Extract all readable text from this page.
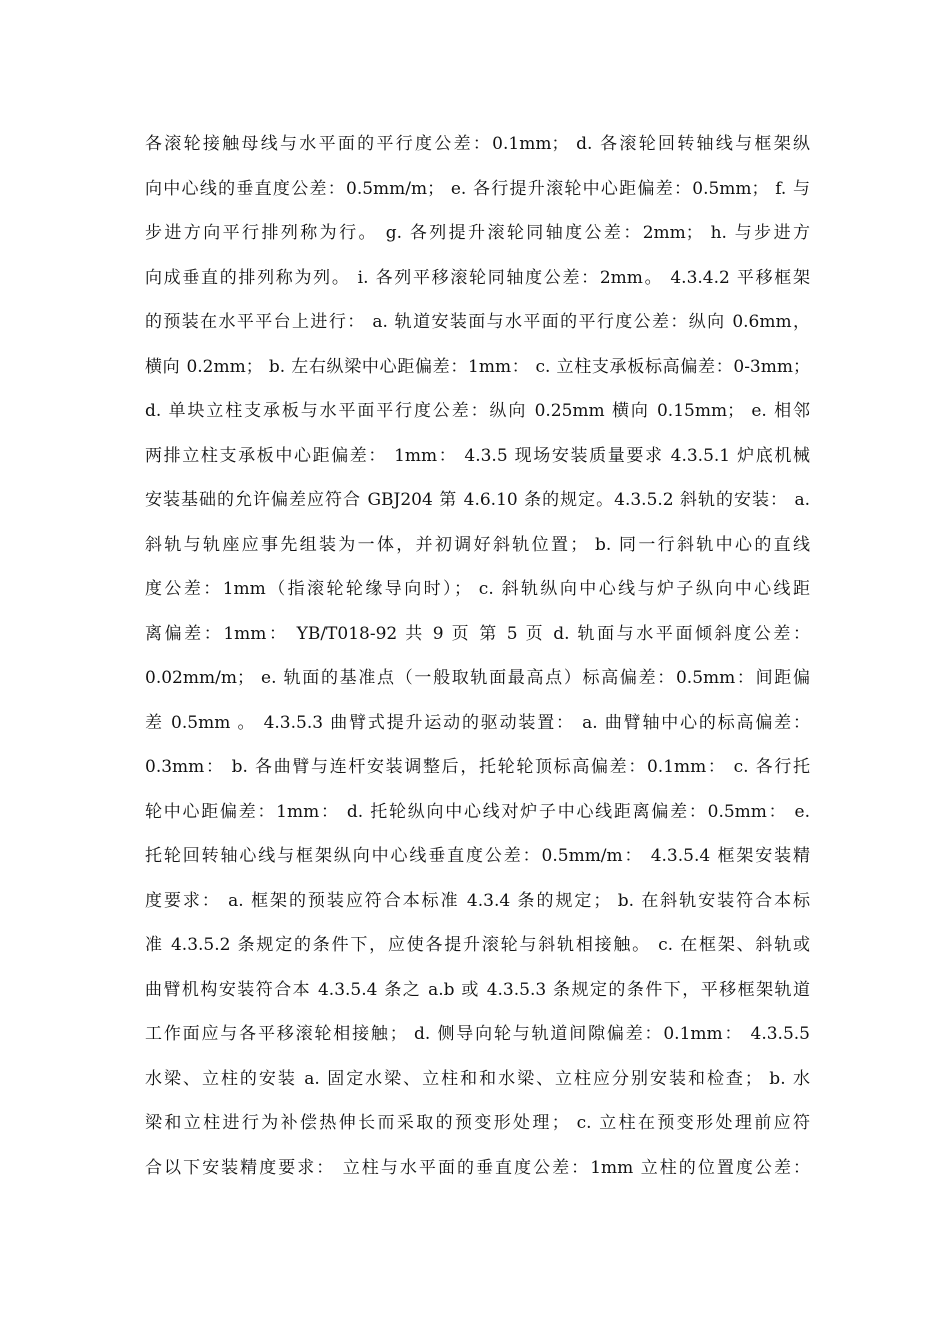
各滚轮接触母线与水平面的平行度公差：0.1mm； d. 各滚轮回转轴线与框架纵
向中心线的垂直度公差：0.5mm/m； e. 各行提升滚轮中心距偏差：0.5mm； f. 与
步进方向平行排列称为行。 g. 各列提升滚轮同轴度公差：2mm； h. 与步进方
向成垂直的排列称为列。 i. 各列平移滚轮同轴度公差：2mm。 4.3.4.2 平移框架
的预装在水平平台上进行： a. 轨道安装面与水平面的平行度公差：纵向 0.6mm，
横向 0.2mm； b. 左右纵梁中心距偏差：1mm： c. 立柱支承板标高偏差：0-3mm；
d. 单块立柱支承板与水平面平行度公差：纵向 0.25mm 横向 0.15mm； e. 相邻
两排立柱支承板中心距偏差： 1mm： 4.3.5 现场安装质量要求 4.3.5.1 炉底机械
安装基础的允许偏差应符合 GBJ204 第 4.6.10 条的规定。4.3.5.2 斜轨的安装： a.
斜轨与轨座应事先组装为一体，并初调好斜轨位置； b. 同一行斜轨中心的直线
度公差：1mm（指滚轮轮缘导向时）； c. 斜轨纵向中心线与炉子纵向中心线距
离偏差：1mm： YB/T018-92 共 9 页 第 5 页 d. 轨面与水平面倾斜度公差：
0.02mm/m； e. 轨面的基准点（一般取轨面最高点）标高偏差：0.5mm：间距偏
差 0.5mm 。 4.3.5.3 曲臂式提升运动的驱动装置： a. 曲臂轴中心的标高偏差：
0.3mm： b. 各曲臂与连杆安装调整后，托轮轮顶标高偏差：0.1mm： c. 各行托
轮中心距偏差：1mm： d. 托轮纵向中心线对炉子中心线距离偏差：0.5mm： e.
托轮回转轴心线与框架纵向中心线垂直度公差：0.5mm/m： 4.3.5.4 框架安装精
度要求： a. 框架的预装应符合本标准 4.3.4 条的规定； b. 在斜轨安装符合本标
准 4.3.5.2 条规定的条件下，应使各提升滚轮与斜轨相接触。 c. 在框架、斜轨或
曲臂机构安装符合本 4.3.5.4 条之 a.b 或 4.3.5.3 条规定的条件下，平移框架轨道
工作面应与各平移滚轮相接触； d. 侧导向轮与轨道间隙偏差：0.1mm： 4.3.5.5
水梁、立柱的安装 a. 固定水梁、立柱和和水梁、立柱应分别安装和检查； b. 水
梁和立柱进行为补偿热伸长而采取的预变形处理； c. 立柱在预变形处理前应符
合以下安装精度要求： 立柱与水平面的垂直度公差：1mm 立柱的位置度公差：
